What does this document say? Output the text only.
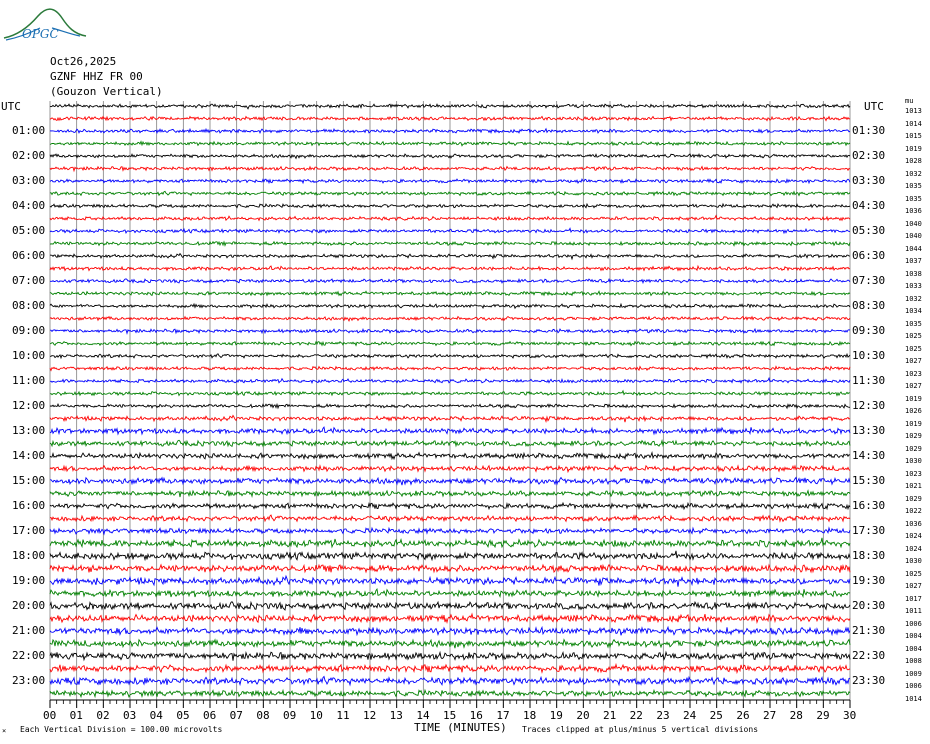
OPGC
Oct26,2025
GZNF HHZ FR 00
(Gouzon Vertical)
UTC	UTC	mu
01:00
02:00
03:00
04:00
05:00
06:00
07:00
08:00
09:00
10:00
11:00
12:00
13:00
14:00
15:00
16:00
17:00
18:00
19:00
20:00
21:00
22:00
23:00
01:30
02:30
03:30
04:30
05:30
06:30
07:30
08:30
09:30
10:30
11:30
12:30
13:30
14:30
15:30
16:30
17:30
18:30
19:30
20:30
21:30
22:30
23:30
1013
1014
1015
1019
1028
1032
1035
1035
1036
1040
1040
1044
1037
1038
1033
1032
1034
1035
1025
1025
1027
1023
1027
1019
1026
1019
1029
1029
1030
1023
1021
1029
1022
1036
1024
1024
1030
1025
1027
1017
1011
1006
1004
1004
1008
1009
1006
1014
00 01 02 03 04 05 06 07 08 09 10 11 12 13 14 15 16 17 18 19 20 21 22 23 24 25 26 27 28 29 30
× Each Vertical Division = 100.00 microvolts	TIME (MINUTES) Traces clipped at plus/minus 5 vertical divisions
